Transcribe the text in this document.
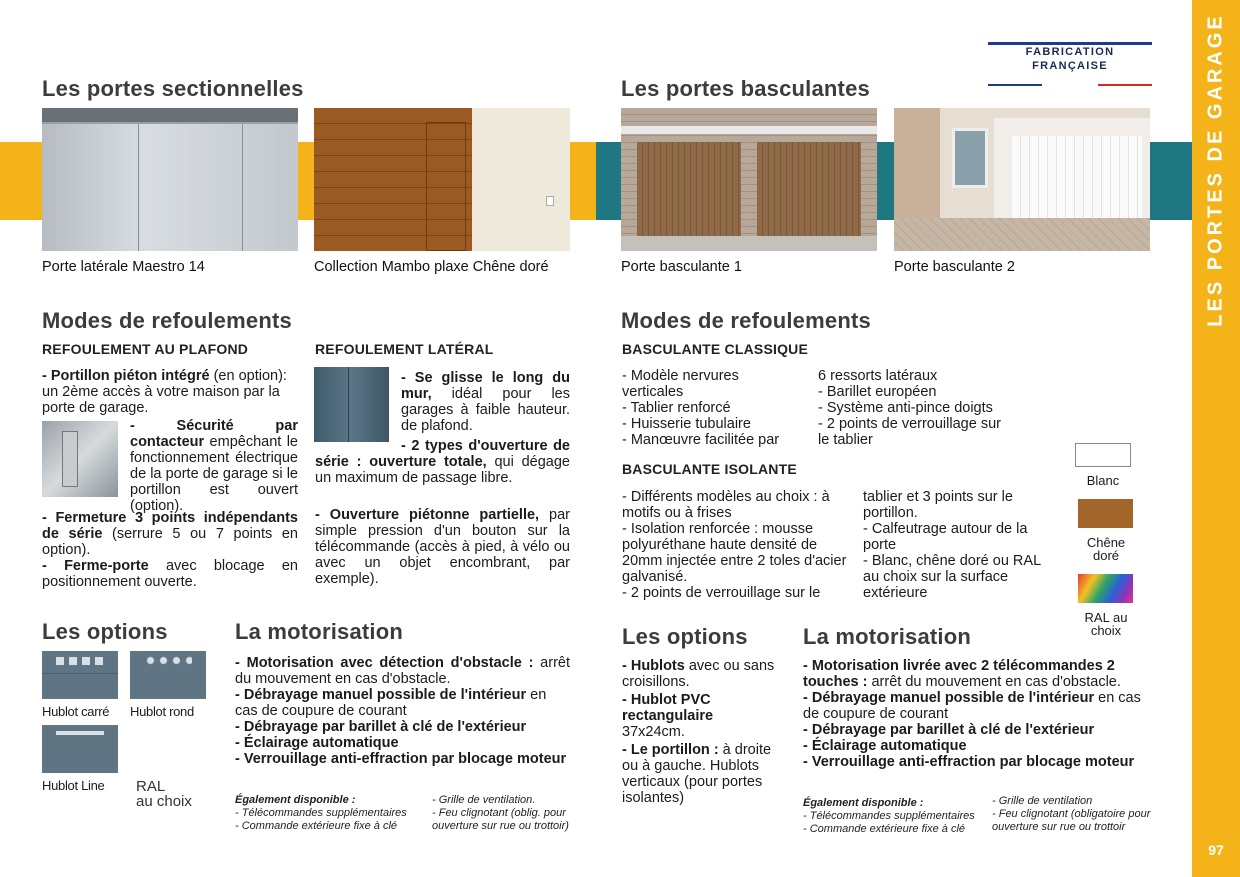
LES PORTES DE GARAGE
97
FABRICATION FRANÇAISE
Les portes sectionnelles
Porte latérale Maestro 14	Collection Mambo plaxe Chêne doré
Modes de refoulements
REFOULEMENT AU PLAFOND
- Portillon piéton intégré (en option): un 2ème accès à votre maison par la porte de garage.
- Sécurité par contacteur empêchant le fonctionnement électrique de la porte de garage si le portillon est ouvert (option).
- Fermeture 3 points indépendants de série (serrure 5 ou 7 points en option).
- Ferme-porte avec blocage en positionnement ouverte.
REFOULEMENT LATÉRAL
- Se glisse le long du mur, idéal pour les garages à faible hauteur. de plafond.
- 2 types d'ouverture de série : ouverture totale, qui dégage un maximum de passage libre.
- Ouverture piétonne partielle, par simple pression d'un bouton sur la télécommande (accès à pied, à vélo ou avec un objet encombrant, par exemple).
Les options
Hublot carré Hublot rond
Hublot Line RAL
au choix
La motorisation
- Motorisation avec détection d'obstacle : arrêt du mouvement en cas d'obstacle.
- Débrayage manuel possible de l'intérieur en cas de coupure de courant
- Débrayage par barillet à clé de l'extérieur
- Éclairage automatique
- Verrouillage anti-effraction par blocage moteur
Également disponible :
- Télécommandes supplémentaires
- Commande extérieure fixe à clé
- Grille de ventilation.
- Feu clignotant (oblig. pour
ouverture sur rue ou trottoir)
Les portes basculantes
Porte basculante 1	Porte basculante 2
Modes de refoulements
BASCULANTE CLASSIQUE
- Modèle nervures
verticales
- Tablier renforcé
- Huisserie tubulaire
- Manœuvre facilitée par
6 ressorts latéraux
- Barillet européen
- Système anti-pince doigts
- 2 points de verrouillage sur
le tablier
BASCULANTE ISOLANTE
- Différents modèles au choix : à motifs ou à frises
- Isolation renforcée : mousse polyuréthane haute densité de 20mm injectée entre 2 toles d'acier galvanisé.
- 2 points de verrouillage sur le
tablier et 3 points sur le portillon.
- Calfeutrage autour de la porte
- Blanc, chêne doré ou RAL au choix sur la surface extérieure
Blanc
Chêne
doré
RAL au
choix
Les options
- Hublots avec ou sans croisillons.
- Hublot PVC rectangulaire
37x24cm.
- Le portillon : à droite ou à gauche. Hublots verticaux (pour portes isolantes)
La motorisation
- Motorisation livrée avec 2 télécommandes 2 touches : arrêt du mouvement en cas d'obstacle.
- Débrayage manuel possible de l'intérieur en cas de coupure de courant
- Débrayage par barillet à clé de l'extérieur
- Éclairage automatique
- Verrouillage anti-effraction par blocage moteur
Également disponible :
- Télécommandes supplémentaires
- Commande extérieure fixe à clé
- Grille de ventilation
- Feu clignotant (obligatoire pour
ouverture sur rue ou trottoir
